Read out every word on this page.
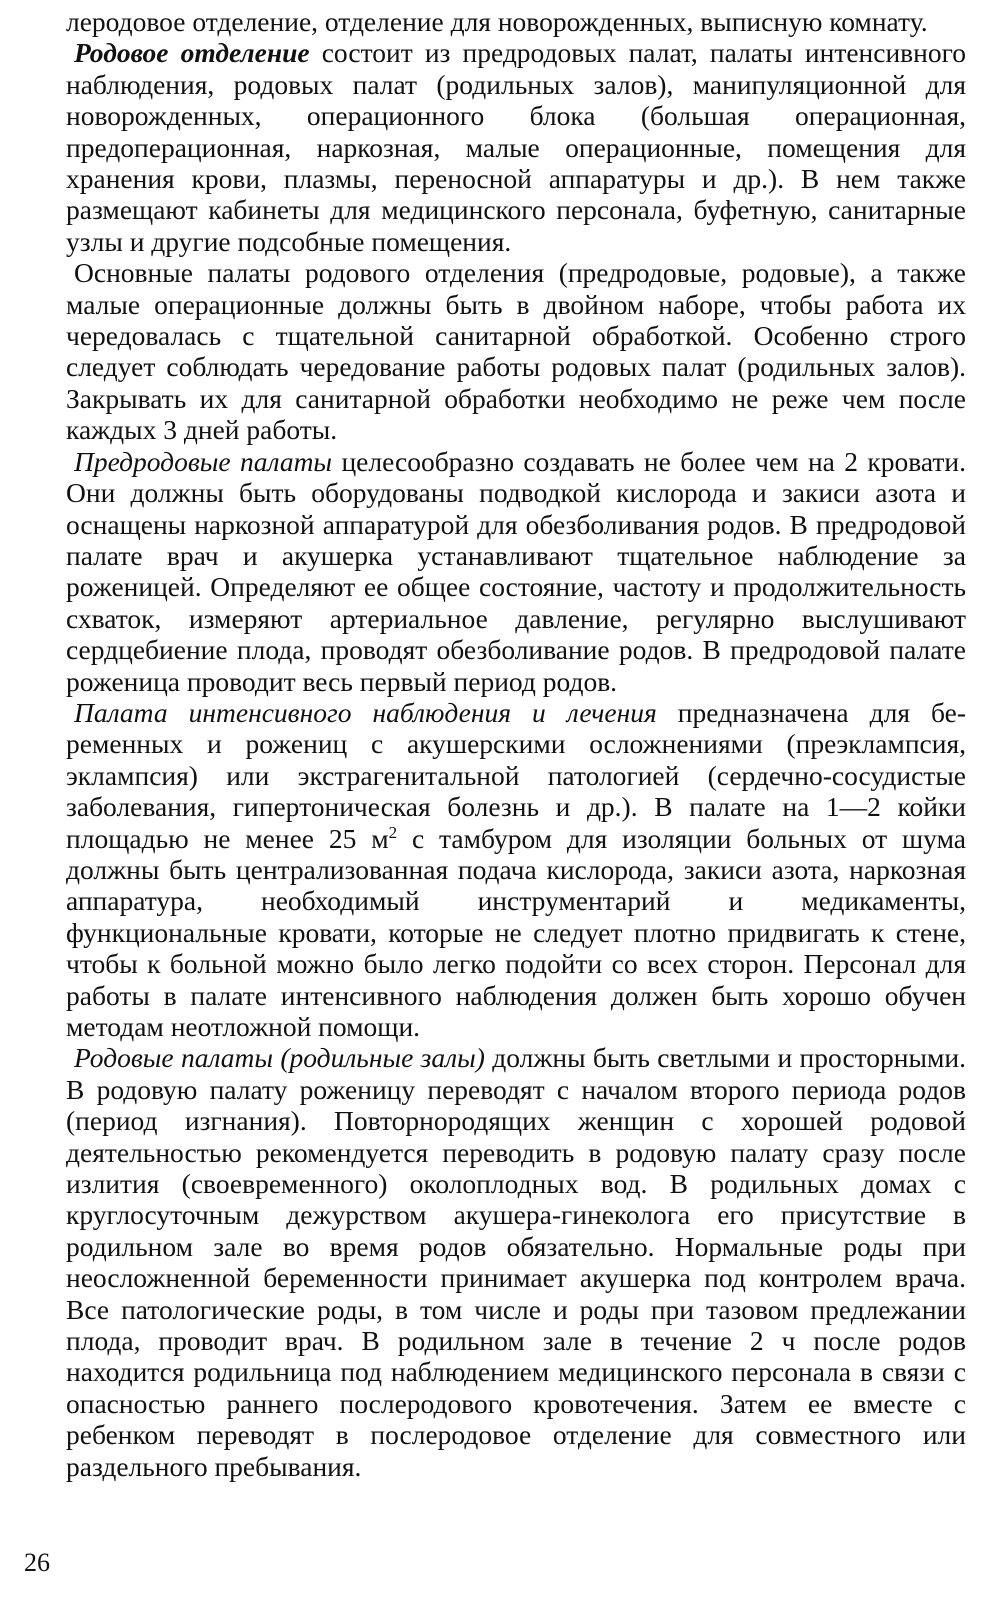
леродовое отделение, отделение для новорожденных, выписную комнату.

Родовое отделение состоит из предродовых палат, палаты интенсивного наблюдения, родовых палат (родильных залов), манипуляционной для новорожденных, операционного блока (большая операционная, предоперационная, наркозная, малые операционные, помещения для хранения крови, плазмы, переносной аппаратуры и др.). В нем также размещают кабинеты для медицинского персонала, буфетную, санитарные узлы и другие подсобные помещения.

Основные палаты родового отделения (предродовые, родовые), а также малые операционные должны быть в двойном наборе, чтобы работа их чередовалась с тщательной санитарной обработкой. Особенно строго следует соблюдать чередование работы родовых палат (родильных залов). Закрывать их для санитарной обработки необходимо не реже чем после каждых 3 дней работы.

Предродовые палаты целесообразно создавать не более чем на 2 кровати. Они должны быть оборудованы подводкой кислорода и закиси азота и оснащены наркозной аппаратурой для обезболивания родов. В предродовой палате врач и акушерка устанавливают тщательное наблюдение за роженицей. Определяют ее общее состояние, частоту и продолжительность схваток, измеряют артериальное давление, регулярно выслушивают сердцебиение плода, проводят обезболивание родов. В предродовой палате роженица проводит весь первый период родов.

Палата интенсивного наблюдения и лечения предназначена для беременных и рожениц с акушерскими осложнениями (преэклампсия, эклампсия) или экстрагенитальной патологией (сердечно-сосудистые заболевания, гипертоническая болезнь и др.). В палате на 1—2 койки площадью не менее 25 $м^2$ с тамбуром для изоляции больных от шума должны быть централизованная подача кислорода, закиси азота, наркозная аппаратура, необходимый инструментарий и медикаменты, функциональные кровати, которые не следует плотно придвигать к стене, чтобы к больной можно было легко подойти со всех сторон. Персонал для работы в палате интенсивного наблюдения должен быть хорошо обучен методам неотложной помощи.

Родовые палаты (родильные залы) должны быть светлыми и просторными. В родовую палату роженицу переводят с началом второго периода родов (период изгнания). Повторнородящих женщин с хорошей родовой деятельностью рекомендуется переводить в родовую палату сразу после излития (своевременного) околоплодных вод. В родильных домах с круглосуточным дежурством акушера-гинеколога его присутствие в родильном зале во время родов обязательно. Нормальные роды при неосложненной беременности принимает акушерка под контролем врача. Все патологические роды, в том числе и роды при тазовом предлежании плода, проводит врач. В родильном зале в течение 2 ч после родов находится родильница под наблюдением медицинского персонала в связи с опасностью раннего послеродового кровотечения. Затем ее вместе с ребенком переводят в послеродовое отделение для совместного или раздельного пребывания.

26
